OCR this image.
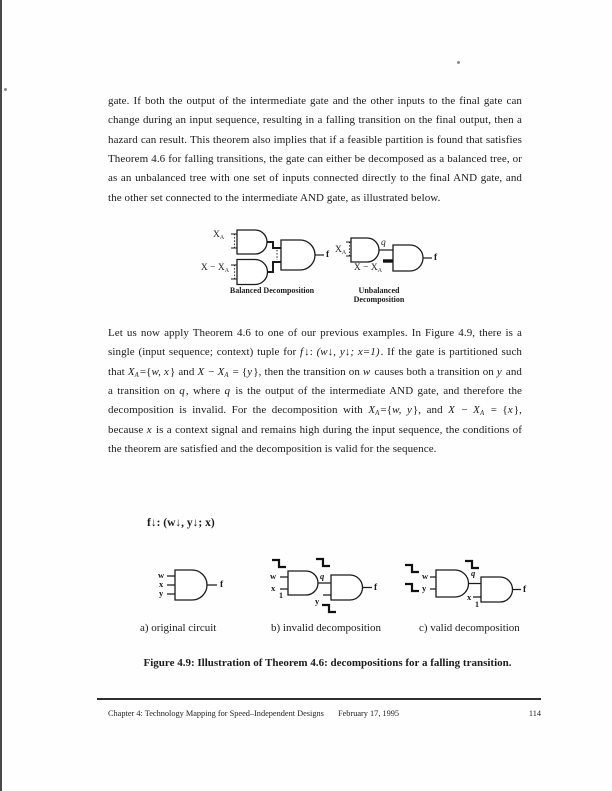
gate. If both the output of the intermediate gate and the other inputs to the final gate can change during an input sequence, resulting in a falling transition on the final output, then a hazard can result. This theorem also implies that if a feasible partition is found that satisfies Theorem 4.6 for falling transitions, the gate can either be decomposed as a balanced tree, or as an unbalanced tree with one set of inputs connected directly to the final AND gate, and the other set connected to the intermediate AND gate, as illustrated below.
$X_A$
$X - X_A$
f
Balanced Decomposition
$X_A$
q
$X - X_A$
f
Unbalanced Decomposition
Let us now apply Theorem 4.6 to one of our previous examples. In Figure 4.9, there is a single (input sequence; context) tuple for f↓: (w↓, y↓; x=1). If the gate is partitioned such that $X_A=\{w$, x} and $X - X_A = \{y\}$, then the transition on w causes both a transition on y and a transition on q, where q is the output of the intermediate AND gate, and therefore the decomposition is invalid. For the decomposition with $X_A=\{w$, y}, and $X - X_A = \{x\}$, because x is a context signal and remains high during the input sequence, the conditions of the theorem are satisfied and the decomposition is valid for the sequence.
f↓: (w↓, y↓; x)
w
x
y
f
w
x
1
q
y
f
w
y
q
x
1
f
a) original circuit	b) invalid decomposition	c) valid decomposition
Figure 4.9: Illustration of Theorem 4.6: decompositions for a falling transition.
Chapter 4: Technology Mapping for Speed–Independent Designs February 17, 1995	114
